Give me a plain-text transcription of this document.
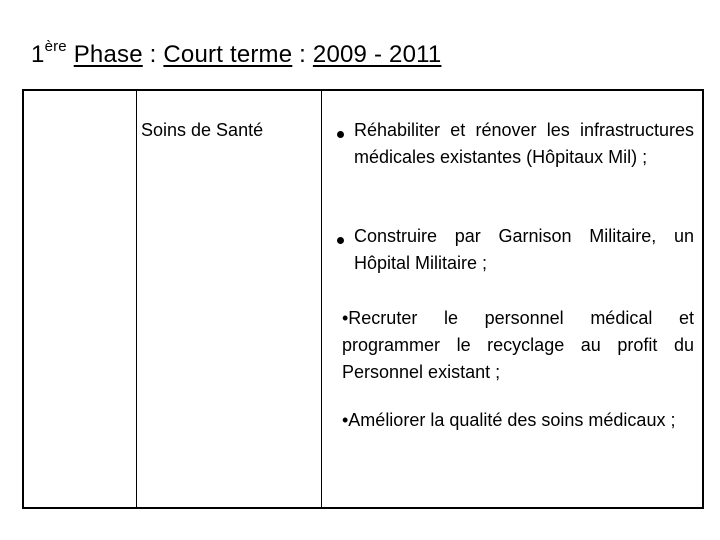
1ère Phase : Court terme : 2009 - 2011
Soins de Santé	Réhabiliter et rénover les infrastructures médicales existantes (Hôpitaux Mil) ;
Construire par Garnison Militaire, un Hôpital Militaire ;
•Recruter le personnel médical et programmer le recyclage au profit du Personnel existant ;
•Améliorer la qualité des soins médicaux ;
